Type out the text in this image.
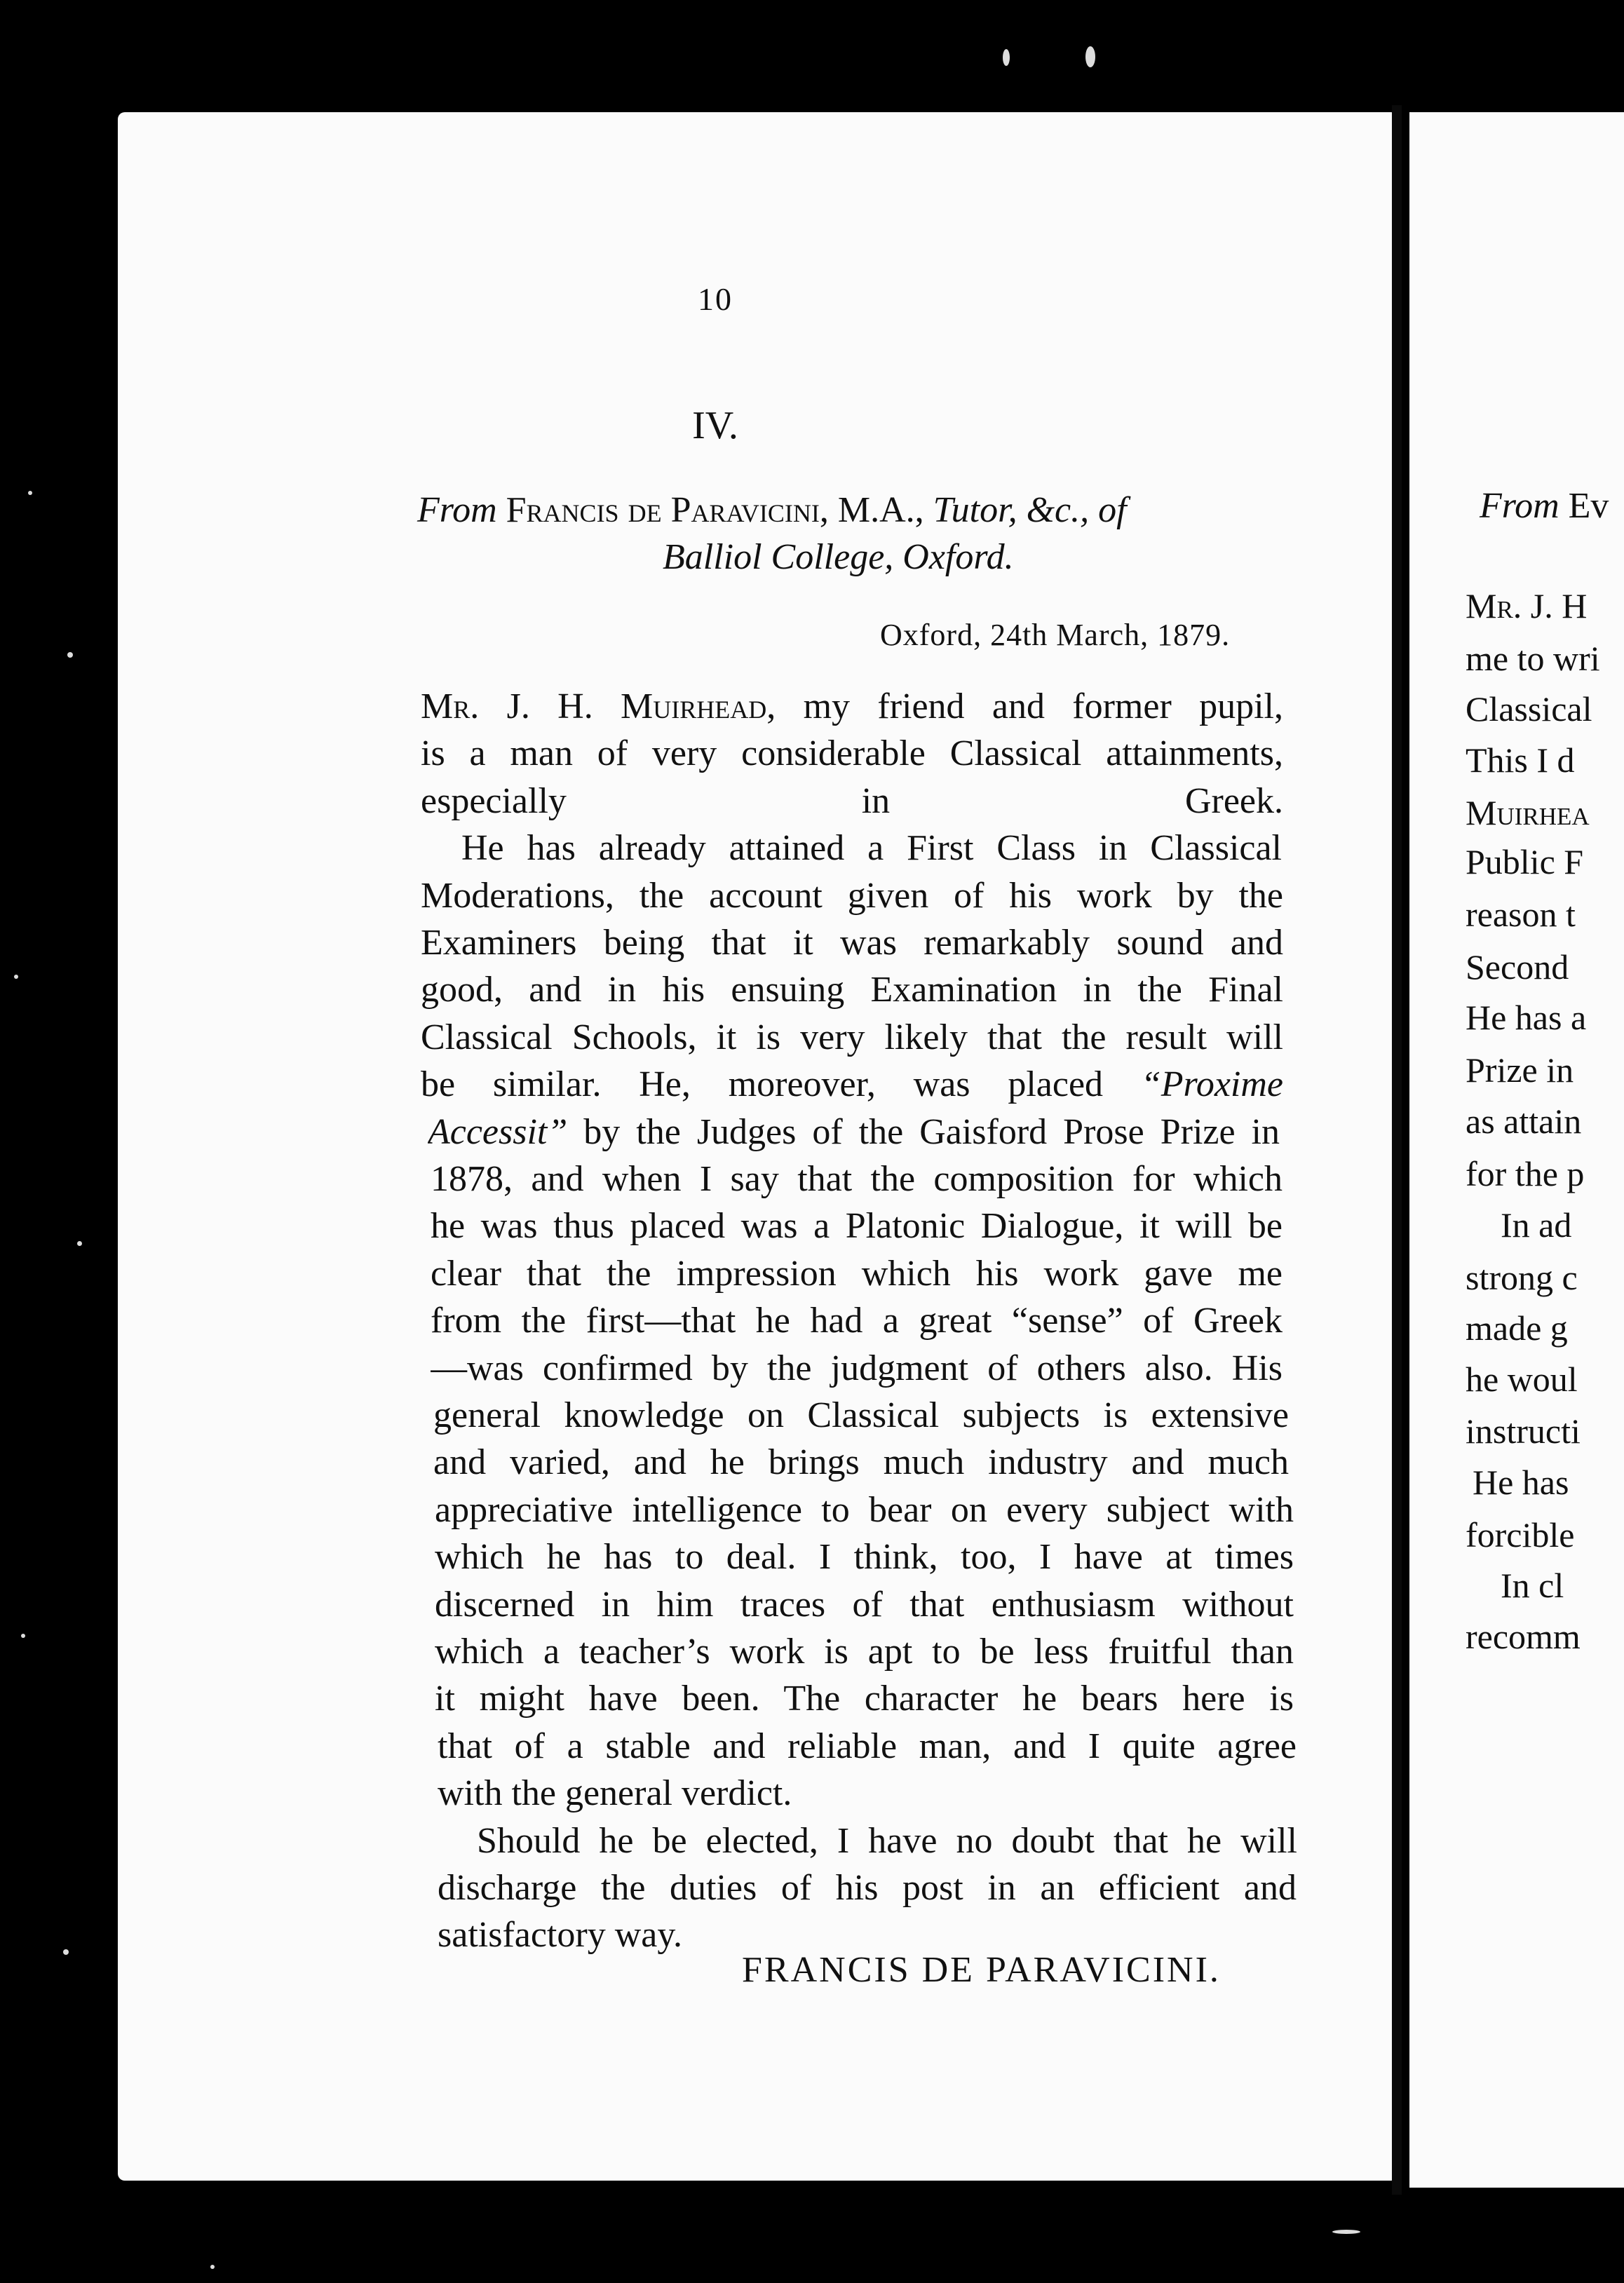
From Ev
Mr. J. H
me to wri
Classical
This I d
Muirhea
Public F
reason t
Second
He has a
Prize in
as attain
for the p
In ad
strong c
made g
he woul
instructi
He has
forcible
In cl
recomm
10
IV.
From Francis de Paravicini, M.A., Tutor, &c., of
Balliol College, Oxford.
Oxford, 24th March, 1879.
Mr. J. H. Muirhead, my friend and former pupil,
is a man of very considerable Classical attainments,
especially in Greek.
He has already attained a First Class in Classical
Moderations, the account given of his work by the
Examiners being that it was remarkably sound and
good, and in his ensuing Examination in the Final
Classical Schools, it is very likely that the result will
be similar. He, moreover, was placed “Proxime
Accessit” by the Judges of the Gaisford Prose Prize in
1878, and when I say that the composition for which
he was thus placed was a Platonic Dialogue, it will be
clear that the impression which his work gave me
from the first—that he had a great “sense” of Greek
—was confirmed by the judgment of others also. His
general knowledge on Classical subjects is extensive
and varied, and he brings much industry and much
appreciative intelligence to bear on every subject with
which he has to deal. I think, too, I have at times
discerned in him traces of that enthusiasm without
which a teacher’s work is apt to be less fruitful than
it might have been. The character he bears here is
that of a stable and reliable man, and I quite agree
with the general verdict.
Should he be elected, I have no doubt that he will
discharge the duties of his post in an efficient and
satisfactory way.
FRANCIS DE PARAVICINI.
